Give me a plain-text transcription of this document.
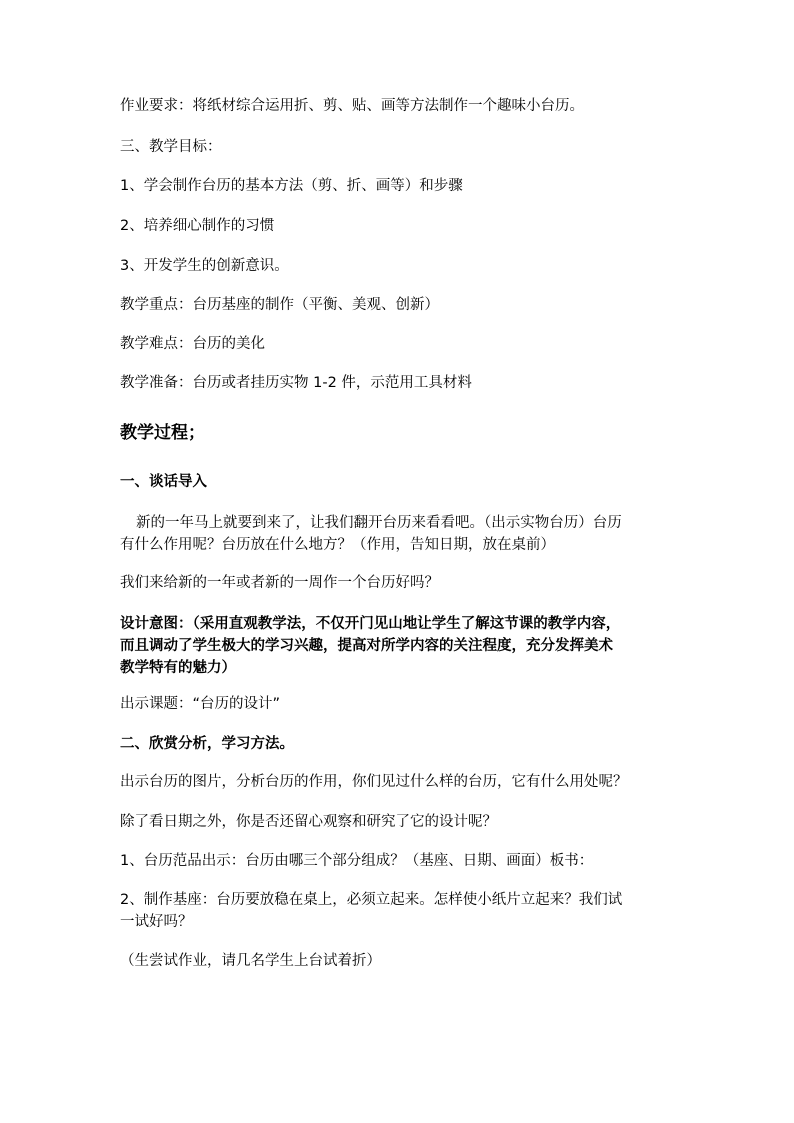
作业要求：将纸材综合运用折、剪、贴、画等方法制作一个趣味小台历。
三、教学目标：
1、学会制作台历的基本方法（剪、折、画等）和步骤
2、培养细心制作的习惯
3、开发学生的创新意识。
教学重点：台历基座的制作（平衡、美观、创新）
教学难点：台历的美化
教学准备：台历或者挂历实物 1-2 件，示范用工具材料
教学过程；
一、谈话导入
新的一年马上就要到来了，让我们翻开台历来看看吧。（出示实物台历）台历
有什么作用呢？台历放在什么地方？（作用，告知日期，放在桌前）
我们来给新的一年或者新的一周作一个台历好吗？
设计意图：（采用直观教学法，不仅开门见山地让学生了解这节课的教学内容，
而且调动了学生极大的学习兴趣，提高对所学内容的关注程度，充分发挥美术
教学特有的魅力）
出示课题：“台历的设计”
二、欣赏分析，学习方法。
出示台历的图片，分析台历的作用，你们见过什么样的台历，它有什么用处呢？
除了看日期之外，你是否还留心观察和研究了它的设计呢？
1、台历范品出示：台历由哪三个部分组成？（基座、日期、画面）板书：
2、制作基座：台历要放稳在桌上，必须立起来。怎样使小纸片立起来？我们试
一试好吗？
（生尝试作业，请几名学生上台试着折）
